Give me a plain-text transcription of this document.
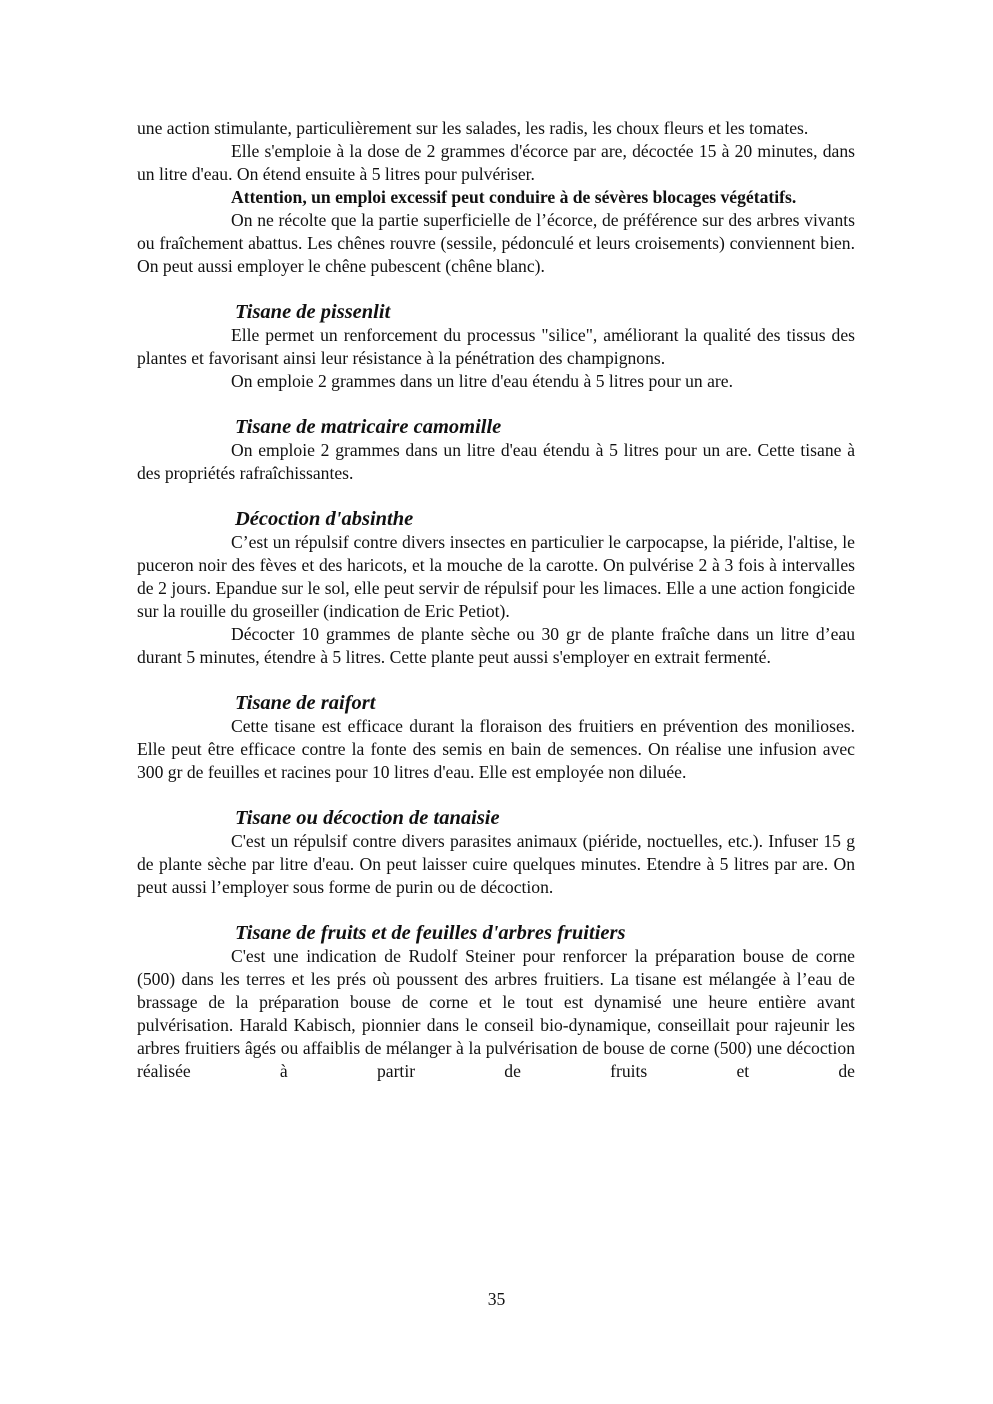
une action stimulante, particulièrement sur les salades, les radis, les choux fleurs et les tomates.

Elle s'emploie à la dose de 2 grammes d'écorce par are, décoctée 15 à 20 minutes, dans un litre d'eau. On étend ensuite à 5 litres pour pulvériser.

Attention, un emploi excessif peut conduire à de sévères blocages végétatifs.

On ne récolte que la partie superficielle de l’écorce, de préférence sur des arbres vivants ou fraîchement abattus. Les chênes rouvre (sessile, pédonculé et leurs croisements) conviennent bien. On peut aussi employer le chêne pubescent (chêne blanc).

Tisane de pissenlit

Elle permet un renforcement du processus "silice", améliorant la qualité des tissus des plantes et favorisant ainsi leur résistance à la pénétration des champignons.

On emploie 2 grammes dans un litre d'eau étendu à 5 litres pour un are.

Tisane de matricaire camomille

On emploie 2 grammes dans un litre d'eau étendu à 5 litres pour un are. Cette tisane à des propriétés rafraîchissantes.

Décoction d'absinthe

C’est un répulsif contre divers insectes en particulier le carpocapse, la piéride, l'altise, le puceron noir des fèves et des haricots, et la mouche de la carotte. On pulvérise 2 à 3 fois à intervalles de 2 jours. Epandue sur le sol, elle peut servir de répulsif pour les limaces. Elle a une action fongicide sur la rouille du groseiller (indication de Eric Petiot).

Décocter 10 grammes de plante sèche ou 30 gr de plante fraîche dans un litre d’eau durant 5 minutes, étendre à 5 litres. Cette plante peut aussi s'employer en extrait fermenté.

Tisane de raifort

Cette tisane est efficace durant la floraison des fruitiers en prévention des monilioses. Elle peut être efficace contre la fonte des semis en bain de semences. On réalise une infusion avec 300 gr de feuilles et racines pour 10 litres d'eau. Elle est employée non diluée.

Tisane ou décoction de tanaisie

C'est un répulsif contre divers parasites animaux (piéride, noctuelles, etc.). Infuser 15 g de plante sèche par litre d'eau. On peut laisser cuire quelques minutes. Etendre à 5 litres par are. On peut aussi l’employer sous forme de purin ou de décoction.

Tisane de fruits et de feuilles d'arbres fruitiers

C'est une indication de Rudolf Steiner pour renforcer la préparation bouse de corne (500) dans les terres et les prés où poussent des arbres fruitiers. La tisane est mélangée à l’eau de brassage de la préparation bouse de corne et le tout est dynamisé une heure entière avant pulvérisation. Harald Kabisch, pionnier dans le conseil bio-dynamique, conseillait pour rajeunir les arbres fruitiers âgés ou affaiblis de mélanger à la pulvérisation de bouse de corne (500) une décoction réalisée à partir de fruits et de

35
